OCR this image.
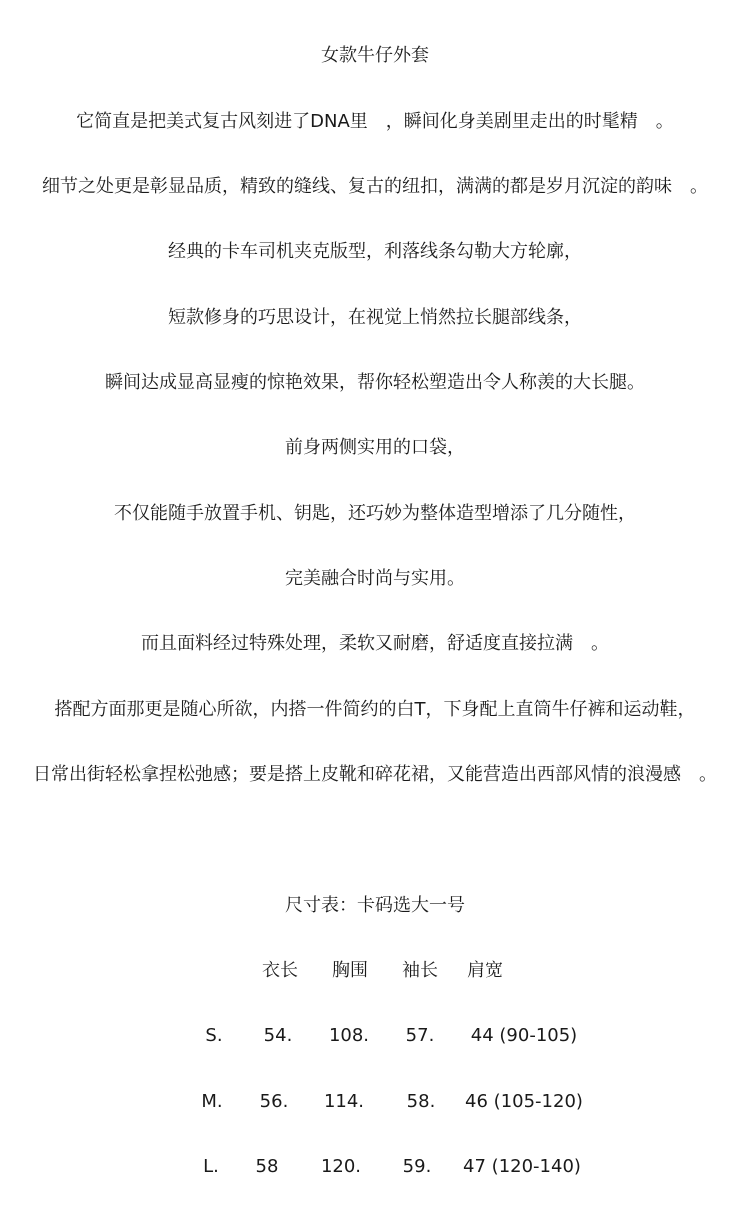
女款牛仔外套
它简直是把美式复古风刻进了DNA里　，瞬间化身美剧里走出的时髦精　。
细节之处更是彰显品质，精致的缝线、复古的纽扣，满满的都是岁月沉淀的韵味　。
经典的卡车司机夹克版型，利落线条勾勒大方轮廓，
短款修身的巧思设计，在视觉上悄然拉长腿部线条，
瞬间达成显高显瘦的惊艳效果，帮你轻松塑造出令人称羡的大长腿。
前身两侧实用的口袋，
不仅能随手放置手机、钥匙，还巧妙为整体造型增添了几分随性，
完美融合时尚与实用。
而且面料经过特殊处理，柔软又耐磨，舒适度直接拉满　。
搭配方面那更是随心所欲，内搭一件简约的白T，下身配上直筒牛仔裤和运动鞋，
日常出街轻松拿捏松弛感；要是搭上皮靴和碎花裙，又能营造出西部风情的浪漫感　。
尺寸表：卡码选大一号
衣长	胸围	袖长	肩宽
S.	54.	108.	57.	44 (90-105)
M.	56.	114.	58.	46 (105-120)
L.	58	120.	59.	47 (120-140)
